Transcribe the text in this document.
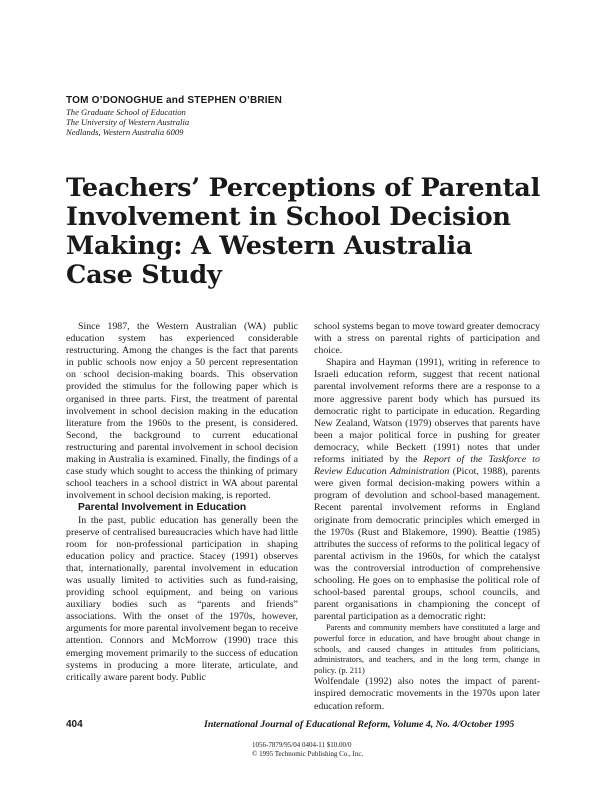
TOM O’DONOGHUE and STEPHEN O’BRIEN
The Graduate School of Education
The University of Western Australia
Nedlands, Western Australia 6009
Teachers’ Perceptions of Parental
Involvement in School Decision
Making: A Western Australia
Case Study

Since 1987, the Western Australian (WA) public education system has experienced considerable restructuring. Among the changes is the fact that parents in public schools now enjoy a 50 percent representation on school decision-making boards. This observation provided the stimulus for the following paper which is organised in three parts. First, the treatment of parental involvement in school decision making in the education literature from the 1960s to the present, is considered. Second, the background to current educational restructuring and parental involvement in school decision making in Australia is examined. Finally, the findings of a case study which sought to access the thinking of primary school teachers in a school district in WA about parental involvement in school decision making, is reported.

Parental Involvement in Education

In the past, public education has generally been the preserve of centralised bureaucracies which have had little room for non-professional participation in shaping education policy and practice. Stacey (1991) observes that, internationally, parental involvement in education was usually limited to activities such as fund-raising, providing school equipment, and being on various auxiliary bodies such as “parents and friends” associations. With the onset of the 1970s, however, arguments for more parental involvement began to receive attention. Connors and McMorrow (1990) trace this emerging movement primarily to the success of education systems in producing a more literate, articulate, and critically aware parent body. Public

school systems began to move toward greater democracy with a stress on parental rights of participation and choice.

Shapira and Hayman (1991), writing in reference to Israeli education reform, suggest that recent national parental involvement reforms there are a response to a more aggressive parent body which has pursued its democratic right to participate in education. Regarding New Zealand, Watson (1979) observes that parents have been a major political force in pushing for greater democracy, while Beckett (1991) notes that under reforms initiated by the Report of the Taskforce to Review Education Administration (Picot, 1988), parents were given formal decision-making powers within a program of devolution and school-based management. Recent parental involvement reforms in England originate from democratic principles which emerged in the 1970s (Rust and Blakemore, 1990). Beattie (1985) attributes the success of reforms to the political legacy of parental activism in the 1960s, for which the catalyst was the controversial introduction of comprehensive schooling. He goes on to emphasise the political role of school-based parental groups, school councils, and parent organisations in championing the concept of parental participation as a democratic right:

Parents and community members have constituted a large and powerful force in education, and have brought about change in schools, and caused changes in attitudes from politicians, administrators, and teachers, and in the long term, change in policy. (p. 211)

Wolfendale (1992) also notes the impact of parent-inspired democratic movements in the 1970s upon later education reform.

404	International Journal of Educational Reform, Volume 4, No. 4/October 1995
1056-7879/95/04 0404-11 $10.00/0
© 1995 Technomic Publishing Co., Inc.
